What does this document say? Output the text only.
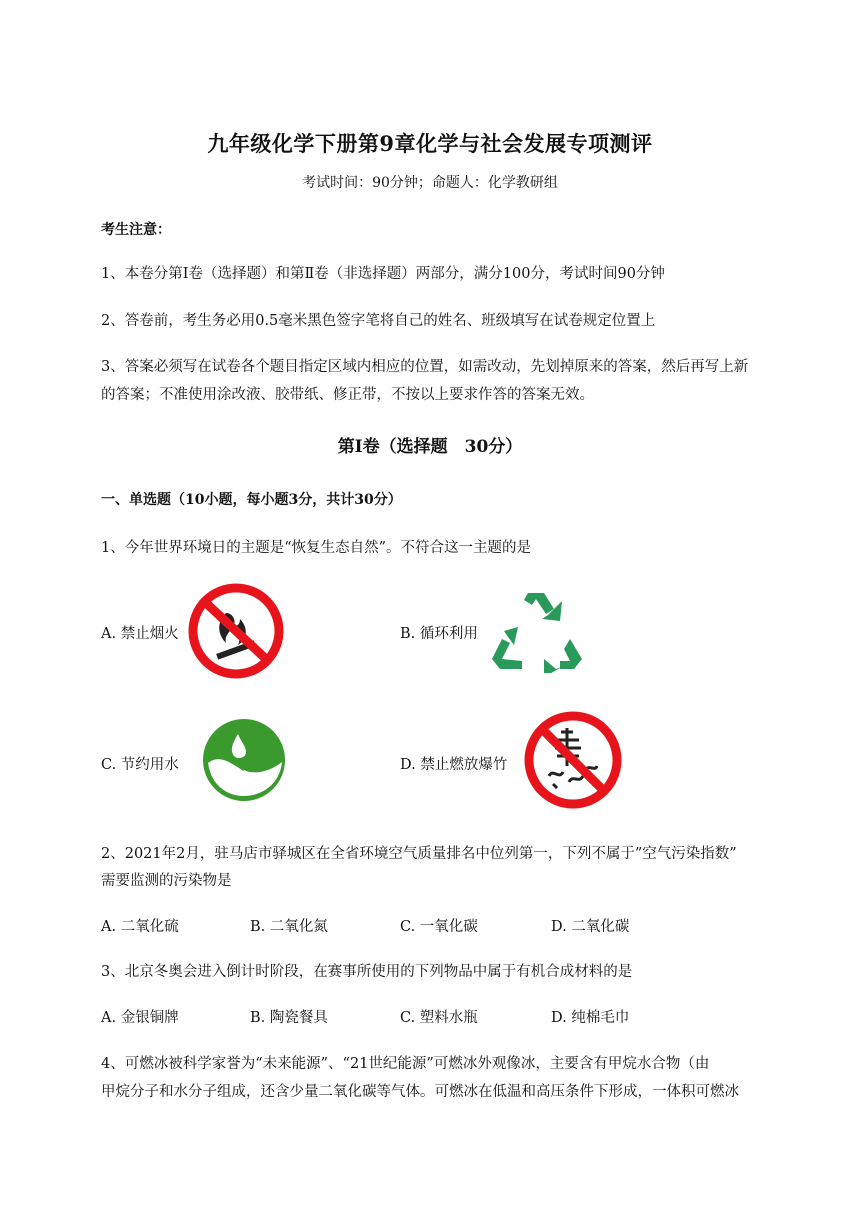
九年级化学下册第9章化学与社会发展专项测评
考试时间：90分钟；命题人：化学教研组
考生注意：
1、本卷分第I卷（选择题）和第Ⅱ卷（非选择题）两部分，满分100分，考试时间90分钟
2、答卷前，考生务必用0.5毫米黑色签字笔将自己的姓名、班级填写在试卷规定位置上
3、答案必须写在试卷各个题目指定区域内相应的位置，如需改动，先划掉原来的答案，然后再写上新
的答案；不准使用涂改液、胶带纸、修正带，不按以上要求作答的答案无效。
第I卷（选择题　30分）
一、单选题（10小题，每小题3分，共计30分）
1、今年世界环境日的主题是“恢复生态自然”。不符合这一主题的是
A. 禁止烟火	B. 循环利用
C. 节约用水	D. 禁止燃放爆竹
2、2021年2月，驻马店市驿城区在全省环境空气质量排名中位列第一，下列不属于”空气污染指数”
需要监测的污染物是
A. 二氧化硫	B. 二氧化氮	C. 一氧化碳	D. 二氧化碳
3、北京冬奥会进入倒计时阶段，在赛事所使用的下列物品中属于有机合成材料的是
A. 金银铜牌	B. 陶瓷餐具	C. 塑料水瓶	D. 纯棉毛巾
4、可燃冰被科学家誉为“未来能源”、“21世纪能源”可燃冰外观像冰，主要含有甲烷水合物（由
甲烷分子和水分子组成，还含少量二氧化碳等气体。可燃冰在低温和高压条件下形成，一体积可燃冰
